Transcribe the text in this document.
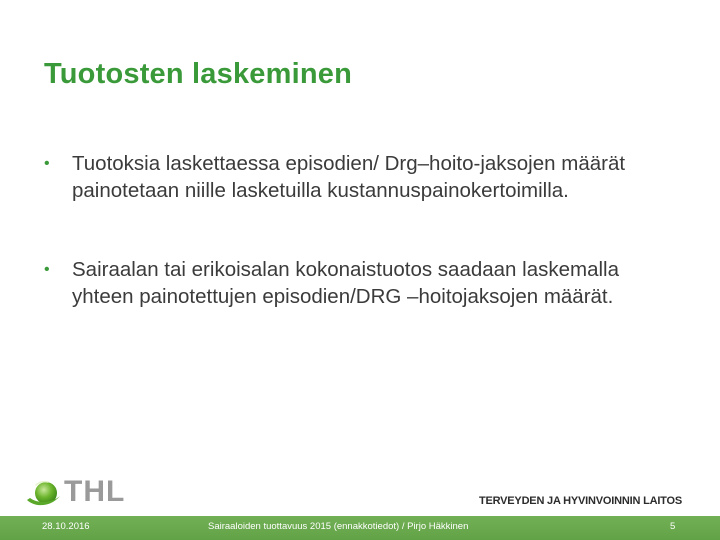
Tuotosten laskeminen
• Tuotoksia laskettaessa episodien/ Drg–hoito-jaksojen määrät painotetaan niille lasketuilla kustannuspainokertoimilla.
• Sairaalan tai erikoisalan kokonaistuotos saadaan laskemalla yhteen painotettujen episodien/DRG –hoitojaksojen määrät.
THL	TERVEYDEN JA HYVINVOINNIN LAITOS
28.10.2016	Sairaaloiden tuottavuus 2015 (ennakkotiedot) / Pirjo Häkkinen	5
